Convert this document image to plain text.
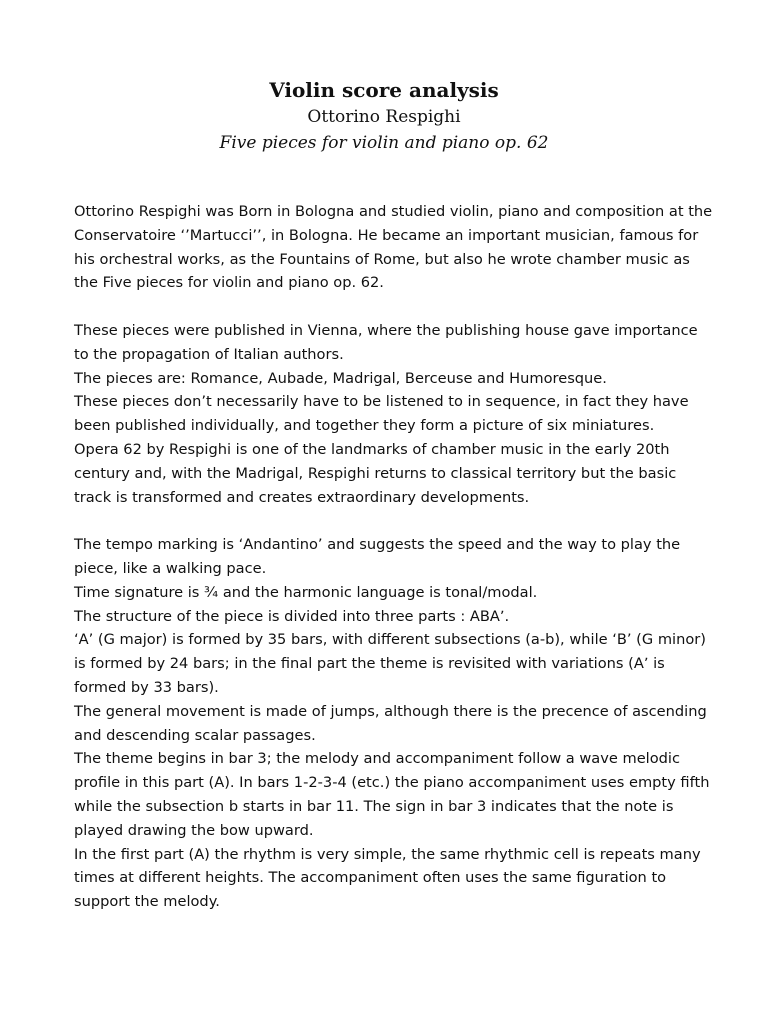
Violin score analysis
Ottorino Respighi
Five pieces for violin and piano op. 62
Ottorino Respighi was Born in Bologna and studied violin, piano and composition at the
Conservatoire ‘’Martucci’’, in Bologna. He became an important musician, famous for
his orchestral works, as the Fountains of Rome, but also he wrote chamber music as
the Five pieces for violin and piano op. 62.
These pieces were published in Vienna, where the publishing house gave importance
to the propagation of Italian authors.
The pieces are: Romance, Aubade, Madrigal, Berceuse and Humoresque.
These pieces don’t necessarily have to be listened to in sequence, in fact they have
been published individually, and together they form a picture of six miniatures.
Opera 62 by Respighi is one of the landmarks of chamber music in the early 20th
century and, with the Madrigal, Respighi returns to classical territory but the basic
track is transformed and creates extraordinary developments.
The tempo marking is ‘Andantino’ and suggests the speed and the way to play the
piece, like a walking pace.
Time signature is ¾ and the harmonic language is tonal/modal.
The structure of the piece is divided into three parts : ABAʼ.
‘A’ (G major) is formed by 35 bars, with different subsections (a-b), while ‘B’ (G minor)
is formed by 24 bars; in the final part the theme is revisited with variations (Aʼ is
formed by 33 bars).
The general movement is made of jumps, although there is the precence of ascending
and descending scalar passages.
The theme begins in bar 3; the melody and accompaniment follow a wave melodic
profile in this part (A). In bars 1-2-3-4 (etc.) the piano accompaniment uses empty fifth
while the subsection b starts in bar 11. The sign in bar 3 indicates that the note is
played drawing the bow upward.
In the first part (A) the rhythm is very simple, the same rhythmic cell is repeats many
times at different heights. The accompaniment often uses the same figuration to
support the melody.
